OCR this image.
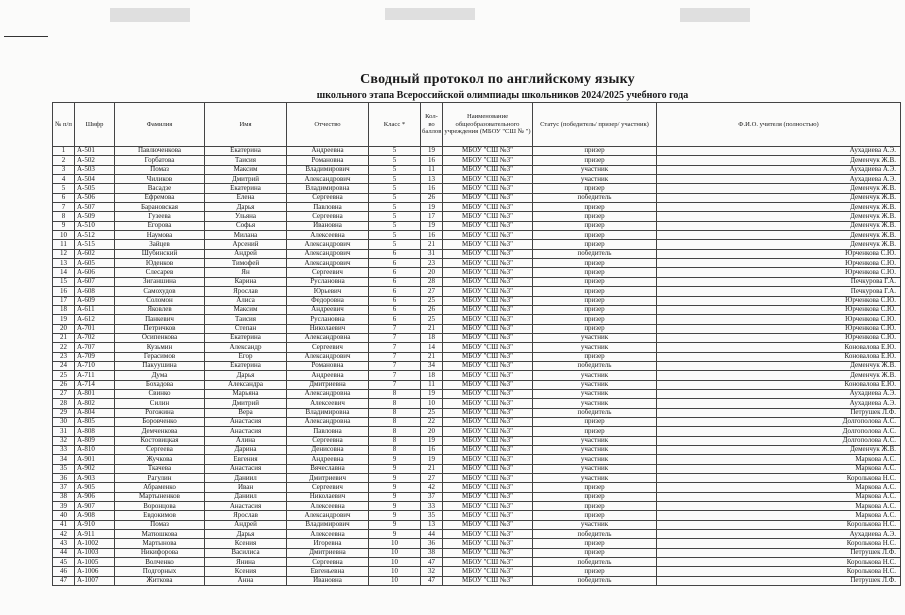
Сводный протокол по английскому языку
школьного этапа Всероссийской олимпиады школьников 2024/2025 учебного года
№ п/п	Шифр	Фамилия	Имя	Отчество	Класс *	Кол-во баллов	Наименование общеобразовательного учреждения (МБОУ "СШ № ")	Статус (победитель/ призер/ участник)	Ф.И.О. учителя (полностью)
1	А-501	Павлюченкова	Екатерина	Андреевна	5	19	МБОУ "СШ №3"	призер	Аухадиева А.Э.
2	А-502	Горбатова	Таисия	Романовна	5	16	МБОУ "СШ №3"	призер	Деменчук Ж.В.
3	А-503	Помаз	Максим	Владимирович	5	11	МБОУ "СШ №3"	участник	Аухадиева А.Э.
4	А-504	Чиликов	Дмитрий	Александрович	5	13	МБОУ "СШ №3"	участник	Аухадиева А.Э.
5	А-505	Васадзе	Екатерина	Владимировна	5	16	МБОУ "СШ №3"	призер	Деменчук Ж.В.
6	А-506	Ефремова	Елена	Сергеевна	5	26	МБОУ "СШ №3"	победитель	Деменчук Ж.В.
7	А-507	Барановская	Дарья	Павловна	5	19	МБОУ "СШ №3"	призер	Деменчук Ж.В.
8	А-509	Гузеева	Ульяна	Сергеевна	5	17	МБОУ "СШ №3"	призер	Деменчук Ж.В.
9	А-510	Егорова	Софья	Ивановна	5	19	МБОУ "СШ №3"	призер	Деменчук Ж.В.
10	А-512	Наумова	Милана	Алексеевна	5	16	МБОУ "СШ №3"	призер	Деменчук Ж.В.
11	А-515	Зайцев	Арсений	Александрович	5	21	МБОУ "СШ №3"	призер	Деменчук Ж.В.
12	А-602	Шубинский	Андрей	Александрович	6	31	МБОУ "СШ №3"	победитель	Юрченкова С.Ю.
13	А-605	Юденков	Тимофей	Александрович	6	23	МБОУ "СШ №3"	призер	Юрченкова С.Ю.
14	А-606	Слесарев	Ян	Сергеевич	6	20	МБОУ "СШ №3"	призер	Юрченкова С.Ю.
15	А-607	Зиганшина	Карина	Руслановна	6	28	МБОУ "СШ №3"	призер	Печкурова Г.А.
16	А-608	Самохудов	Ярослав	Юрьевич	6	27	МБОУ "СШ №3"	призер	Печкурова Г.А.
17	А-609	Соломон	Алиса	Федоровна	6	25	МБОУ "СШ №3"	призер	Юрченкова С.Ю.
18	А-611	Яковлев	Максим	Андреевич	6	26	МБОУ "СШ №3"	призер	Юрченкова С.Ю.
19	А-612	Панкевич	Таисия	Руслановна	6	25	МБОУ "СШ №3"	призер	Юрченкова С.Ю.
20	А-701	Петричков	Степан	Николаевич	7	21	МБОУ "СШ №3"	призер	Юрченкова С.Ю.
21	А-702	Осипенкова	Екатерина	Александровна	7	18	МБОУ "СШ №3"	участник	Юрченкова С.Ю.
22	А-707	Кузьмин	Александр	Сергеевич	7	14	МБОУ "СШ №3"	участник	Коновалова Е.Ю.
23	А-709	Герасимов	Егор	Александрович	7	21	МБОУ "СШ №3"	призер	Коновалова Е.Ю.
24	А-710	Пакуушина	Екатерина	Романовна	7	34	МБОУ "СШ №3"	победитель	Деменчук Ж.В.
25	А-711	Дума	Дарья	Андреевна	7	18	МБОУ "СШ №3"	участник	Деменчук Ж.В.
26	А-714	Бохадова	Александра	Дмитриевна	7	11	МБОУ "СШ №3"	участник	Коновалова Е.Ю.
27	А-801	Свинко	Марьяна	Александровна	8	19	МБОУ "СШ №3"	участник	Аухадиева А.Э.
28	А-802	Силин	Дмитрий	Алексеевич	8	10	МБОУ "СШ №3"	участник	Аухадиева А.Э.
29	А-804	Рогожина	Вера	Владимировна	8	25	МБОУ "СШ №3"	победитель	Петрушек Л.Ф.
30	А-805	Боровченко	Анастасия	Александровна	8	22	МБОУ "СШ №3"	призер	Долгополова А.С.
31	А-808	Демченкова	Анастасия	Павловна	8	20	МБОУ "СШ №3"	призер	Долгополова А.С.
32	А-809	Костовицкая	Алина	Сергеевна	8	19	МБОУ "СШ №3"	участник	Долгополова А.С.
33	А-810	Сергеева	Дарина	Денисовна	8	16	МБОУ "СШ №3"	участник	Деменчук Ж.В.
34	А-901	Жучкова	Евгения	Андреевна	9	19	МБОУ "СШ №3"	участник	Маркова А.С.
35	А-902	Ткачева	Анастасия	Вячеславна	9	21	МБОУ "СШ №3"	участник	Маркова А.С.
36	А-903	Рагулин	Даниил	Дмитриевич	9	27	МБОУ "СШ №3"	участник	Королькова Н.С.
37	А-905	Абраменко	Иван	Сергеевич	9	42	МБОУ "СШ №3"	призер	Маркова А.С.
38	А-906	Мартыненков	Даниил	Николаевич	9	37	МБОУ "СШ №3"	призер	Маркова А.С.
39	А-907	Воронцова	Анастасия	Алексеевна	9	33	МБОУ "СШ №3"	призер	Маркова А.С.
40	А-908	Евдокимов	Ярослав	Александрович	9	35	МБОУ "СШ №3"	призер	Маркова А.С.
41	А-910	Помаз	Андрей	Владимирович	9	13	МБОУ "СШ №3"	участник	Королькова Н.С.
42	А-911	Матюшкова	Дарья	Алексеевна	9	44	МБОУ "СШ №3"	победитель	Аухадиева А.Э.
43	А-1002	Мартынова	Ксения	Игоревна	10	36	МБОУ "СШ №3"	призер	Королькова Н.С.
44	А-1003	Никифорова	Василиса	Дмитриевна	10	38	МБОУ "СШ №3"	призер	Петрушек Л.Ф.
45	А-1005	Волченко	Янина	Сергеевна	10	47	МБОУ "СШ №3"	победитель	Королькова Н.С.
46	А-1006	Подгорных	Ксения	Евгеньевна	10	32	МБОУ "СШ №3"	призер	Королькова Н.С.
47	А-1007	Житкова	Анна	Ивановна	10	47	МБОУ "СШ №3"	победитель	Петрушек Л.Ф.
